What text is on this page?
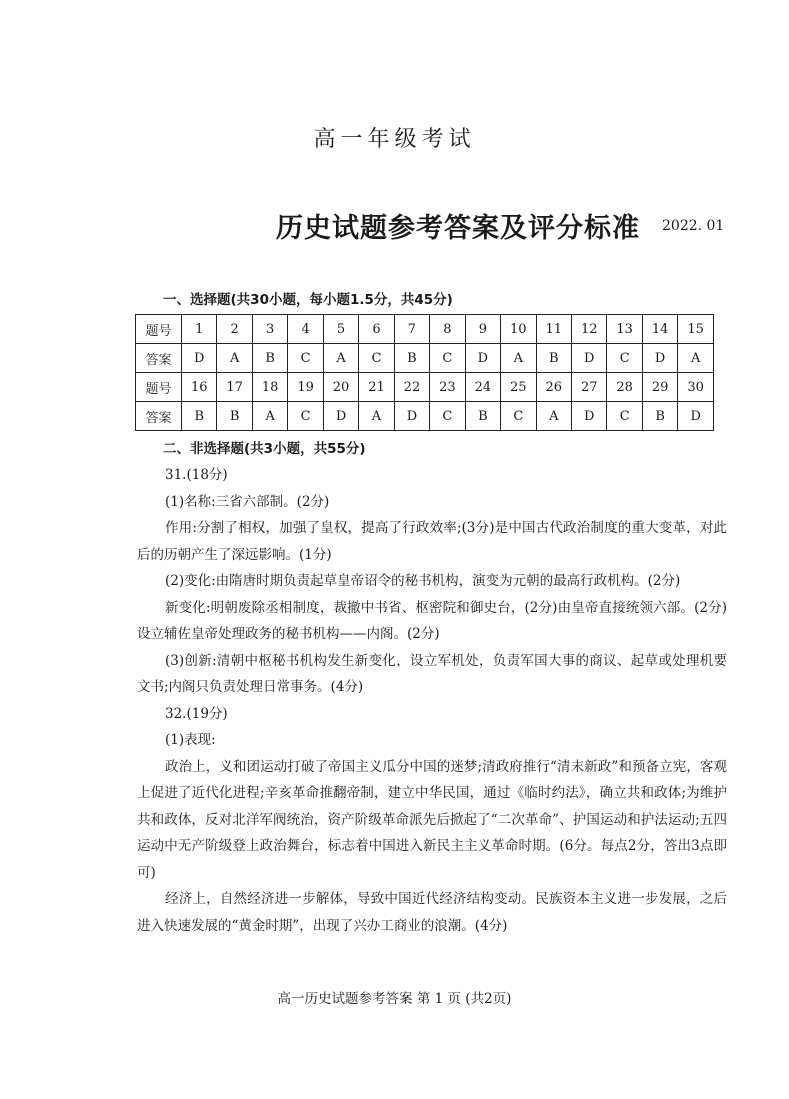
高一年级考试
历史试题参考答案及评分标准 2022. 01
一、选择题(共30小题，每小题1.5分，共45分)
题号	1	2	3	4	5	6	7	8	9	10	11	12	13	14	15
答案	D	A	B	C	A	C	B	C	D	A	B	D	C	D	A
题号	16	17	18	19	20	21	22	23	24	25	26	27	28	29	30
答案	B	B	A	C	D	A	D	C	B	C	A	D	C	B	D
二、非选择题(共3小题，共55分)

31.(18分)

(1)名称:三省六部制。(2分)

作用:分割了相权，加强了皇权，提高了行政效率;(3分)是中国古代政治制度的重大变革，对此后的历朝产生了深远影响。(1分)

(2)变化:由隋唐时期负责起草皇帝诏令的秘书机构，演变为元朝的最高行政机构。(2分)

新变化:明朝废除丞相制度，裁撤中书省、枢密院和御史台，(2分)由皇帝直接统领六部。(2分)设立辅佐皇帝处理政务的秘书机构——内阁。(2分)

(3)创新:清朝中枢秘书机构发生新变化，设立军机处，负责军国大事的商议、起草或处理机要文书;内阁只负责处理日常事务。(4分)

32.(19分)

(1)表现:

政治上，义和团运动打破了帝国主义瓜分中国的迷梦;清政府推行“清末新政”和预备立宪，客观上促进了近代化进程;辛亥革命推翻帝制，建立中华民国，通过《临时约法》，确立共和政体;为维护共和政体，反对北洋军阀统治，资产阶级革命派先后掀起了“二次革命”、护国运动和护法运动;五四运动中无产阶级登上政治舞台，标志着中国进入新民主主义革命时期。(6分。每点2分，答出3点即可)

经济上，自然经济进一步解体，导致中国近代经济结构变动。民族资本主义进一步发展，之后进入快速发展的“黄金时期”，出现了兴办工商业的浪潮。(4分)

高一历史试题参考答案 第 1 页 (共2页)
